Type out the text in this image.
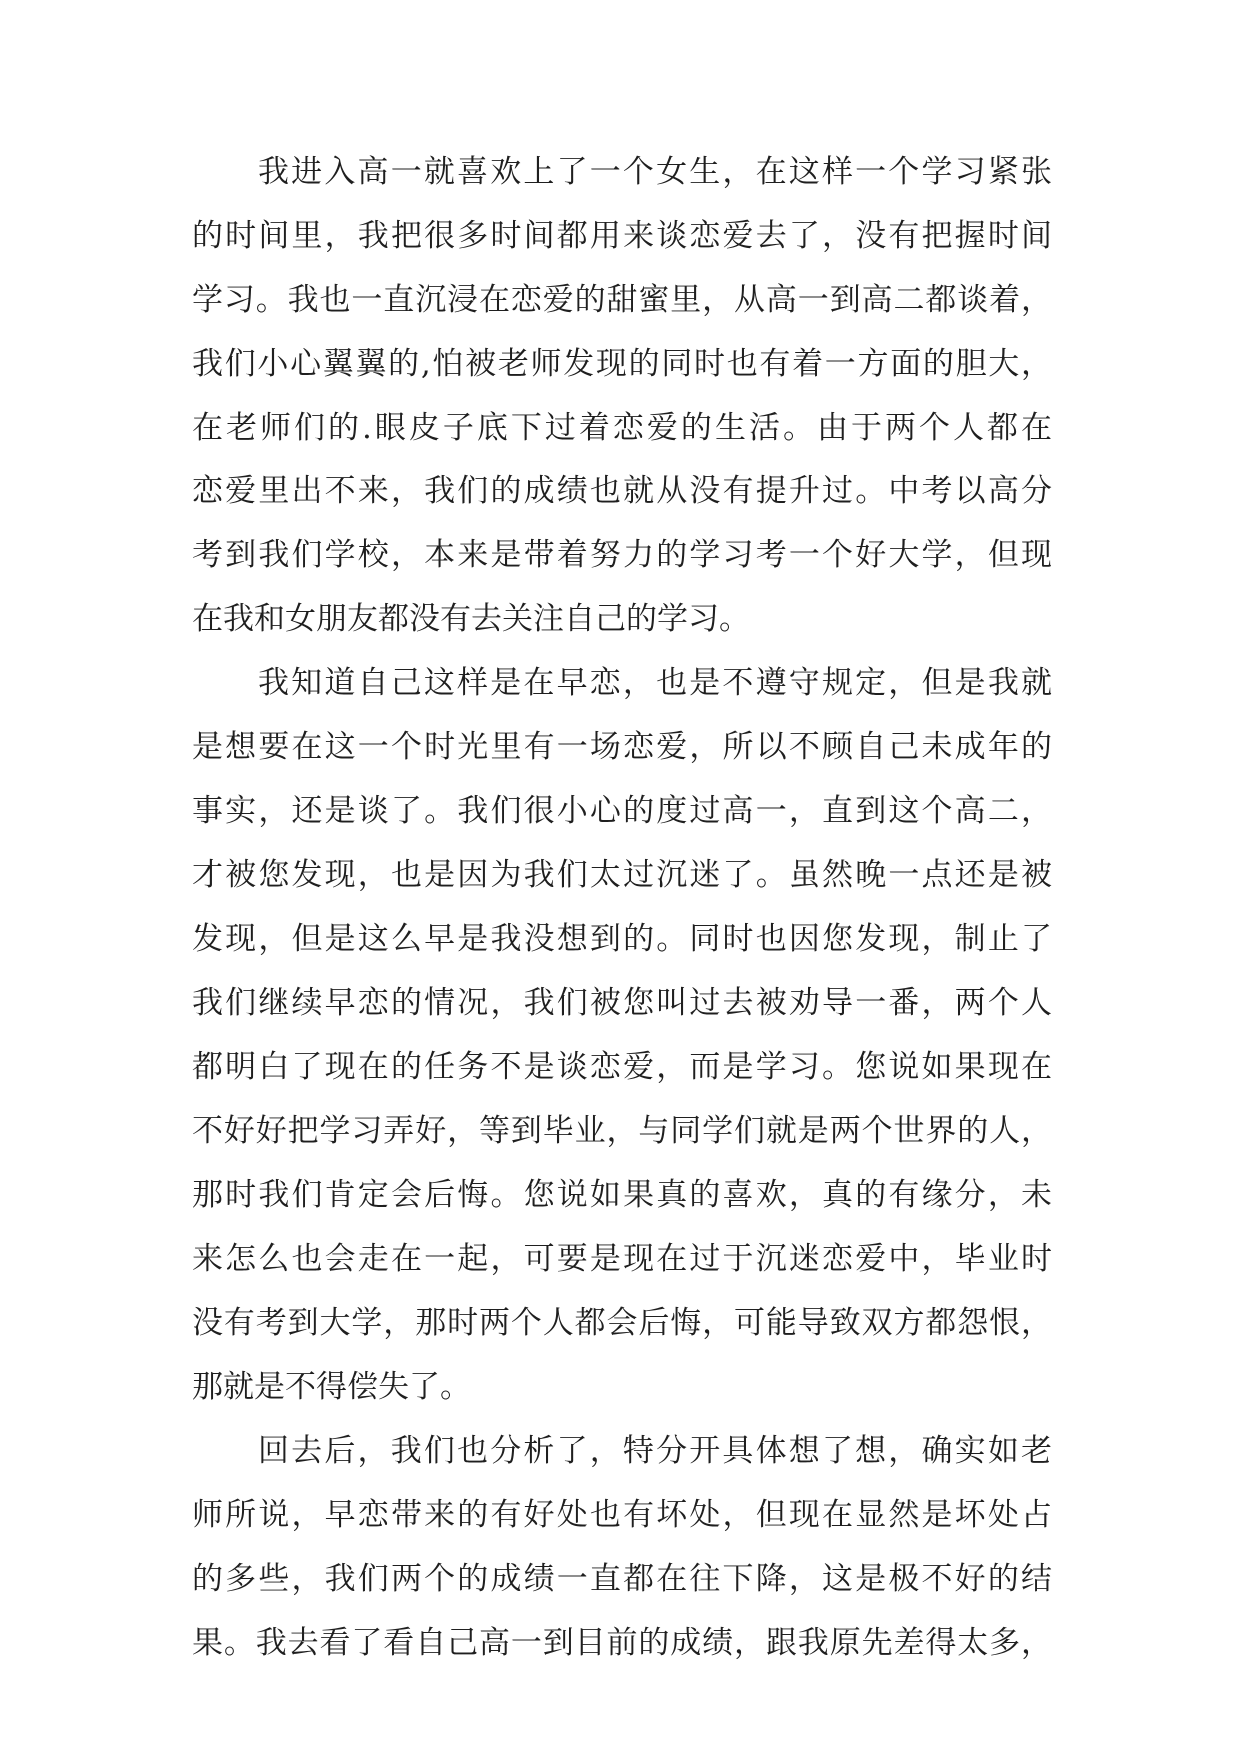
我进入高一就喜欢上了一个女生，在这样一个学习紧张
的时间里，我把很多时间都用来谈恋爱去了，没有把握时间
学习。我也一直沉浸在恋爱的甜蜜里，从高一到高二都谈着，
我们小心翼翼的,怕被老师发现的同时也有着一方面的胆大，
在老师们的.眼皮子底下过着恋爱的生活。由于两个人都在
恋爱里出不来，我们的成绩也就从没有提升过。中考以高分
考到我们学校，本来是带着努力的学习考一个好大学，但现
在我和女朋友都没有去关注自己的学习。
我知道自己这样是在早恋，也是不遵守规定，但是我就
是想要在这一个时光里有一场恋爱，所以不顾自己未成年的
事实，还是谈了。我们很小心的度过高一，直到这个高二，
才被您发现，也是因为我们太过沉迷了。虽然晚一点还是被
发现，但是这么早是我没想到的。同时也因您发现，制止了
我们继续早恋的情况，我们被您叫过去被劝导一番，两个人
都明白了现在的任务不是谈恋爱，而是学习。您说如果现在
不好好把学习弄好，等到毕业，与同学们就是两个世界的人，
那时我们肯定会后悔。您说如果真的喜欢，真的有缘分，未
来怎么也会走在一起，可要是现在过于沉迷恋爱中，毕业时
没有考到大学，那时两个人都会后悔，可能导致双方都怨恨，
那就是不得偿失了。
回去后，我们也分析了，特分开具体想了想，确实如老
师所说，早恋带来的有好处也有坏处，但现在显然是坏处占
的多些，我们两个的成绩一直都在往下降，这是极不好的结
果。我去看了看自己高一到目前的成绩，跟我原先差得太多，
